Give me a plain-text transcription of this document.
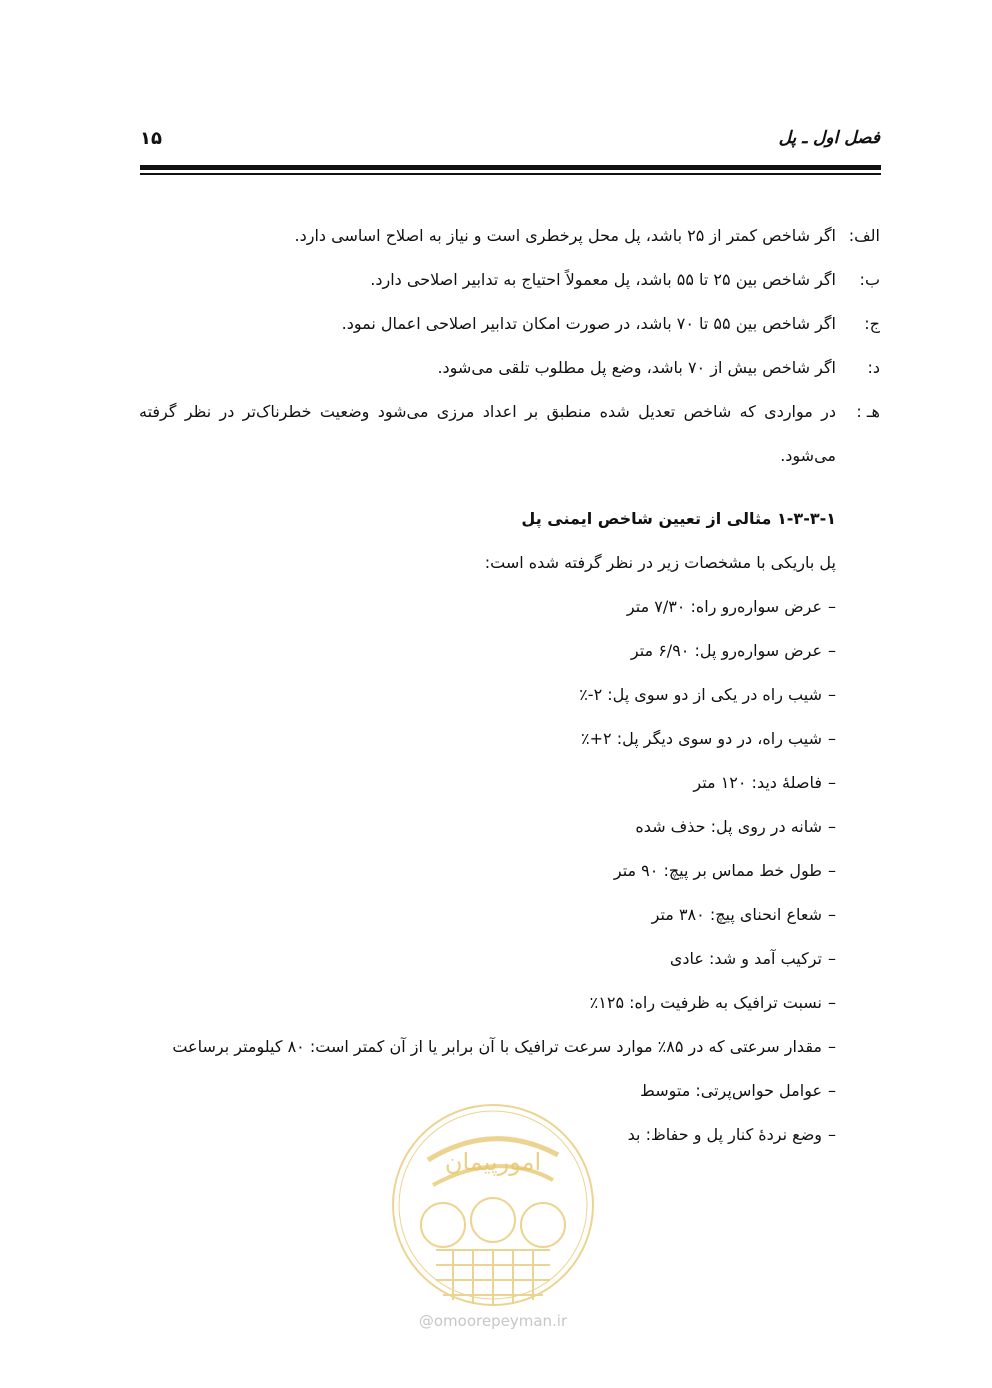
فصل اول ـ پل
۱۵
الف:
اگر شاخص کمتر از ۲۵ باشد، پل محل پرخطری است و نیاز به اصلاح اساسی دارد.
ب:
اگر شاخص بین ۲۵ تا ۵۵ باشد، پل معمولاً احتیاج به تدابیر اصلاحی دارد.
ج:
اگر شاخص بین ۵۵ تا ۷۰ باشد، در صورت امکان تدابیر اصلاحی اعمال نمود.
د:
اگر شاخص بیش از ۷۰ باشد، وضع پل مطلوب تلقی می‌شود.
هـ :
در مواردی که شاخص تعدیل شده منطبق بر اعداد مرزی می‌شود وضعیت خطرناک‌تر در نظر گرفته می‌شود.
۱-۳-۳-۱ مثالی از تعیین شاخص ایمنی پل
پل باریکی با مشخصات زیر در نظر گرفته شده است:
–عرض سواره‌رو راه: ۷/۳۰ متر
–عرض سواره‌رو پل: ۶/۹۰ متر
–شیب راه در یکی از دو سوی پل: ۲-٪
–شیب راه، در دو سوی دیگر پل: ۲+٪
–فاصلهٔ دید: ۱۲۰ متر
–شانه در روی پل: حذف شده
–طول خط مماس بر پیچ: ۹۰ متر
–شعاع انحنای پیچ: ۳۸۰ متر
–ترکیب آمد و شد: عادی
–نسبت ترافیک به ظرفیت راه: ۱۲۵٪
–مقدار سرعتی که در ۸۵٪ موارد سرعت ترافیک با آن برابر یا از آن کمتر است: ۸۰ کیلومتر برساعت
–عوامل حواس‌پرتی: متوسط
–وضع نردهٔ کنار پل و حفاظ: بد
امورپیمان
@omoorepeyman.ir
